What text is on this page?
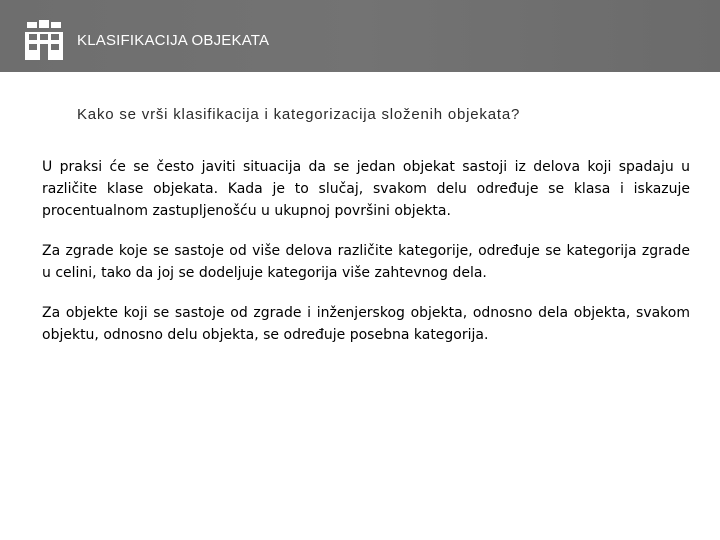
KLASIFIKACIJA OBJEKATA
Kako se vrši klasifikacija i kategorizacija složenih objekata?

U praksi će se često javiti situacija da se jedan objekat sastoji iz delova koji spadaju u različite klase objekata. Kada je to slučaj, svakom delu određuje se klasa i iskazuje procentualnom zastupljenošću u ukupnoj površini objekta.

Za zgrade koje se sastoje od više delova različite kategorije, određuje se kategorija zgrade u celini, tako da joj se dodeljuje kategorija više zahtevnog dela.

Za objekte koji se sastoje od zgrade i inženjerskog objekta, odnosno dela objekta, svakom objektu, odnosno delu objekta, se određuje posebna kategorija.
